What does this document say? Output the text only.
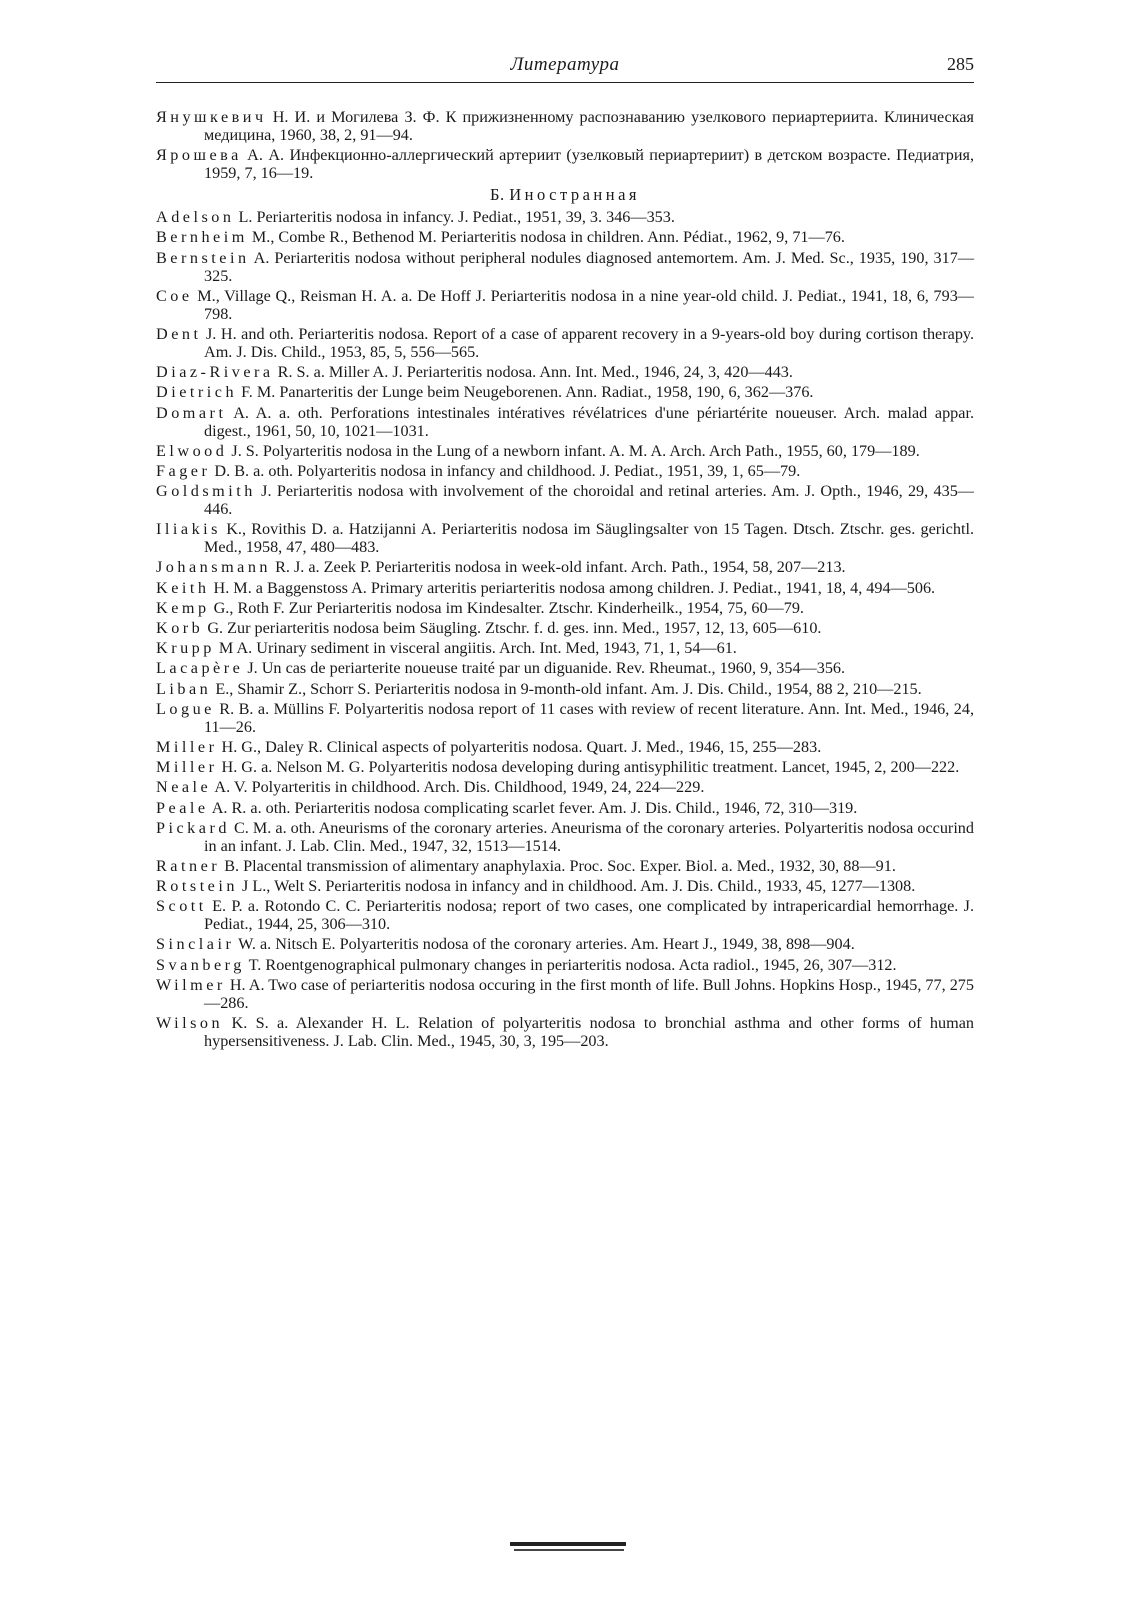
Литература	285
Янушкевич Н. И. и Могилева З. Ф. К прижизненному распознаванию узелкового периартериита. Клиническая медицина, 1960, 38, 2, 91—94.
Ярошева А. А. Инфекционно-аллергический артериит (узелковый периартериит) в детском возрасте. Педиатрия, 1959, 7, 16—19.
Б. Иностранная
Adelson L. Periarteritis nodosa in infancy. J. Pediat., 1951, 39, 3. 346—353.
Bernheim M., Combe R., Bethenod M. Periarteritis nodosa in children. Ann. Pédiat., 1962, 9, 71—76.
Bernstein A. Periarteritis nodosa without peripheral nodules diagnosed antemortem. Am. J. Med. Sc., 1935, 190, 317—325.
Coe M., Village Q., Reisman H. A. a. De Hoff J. Periarteritis nodosa in a nine year-old child. J. Pediat., 1941, 18, 6, 793—798.
Dent J. H. and oth. Periarteritis nodosa. Report of a case of apparent recovery in a 9-years-old boy during cortison therapy. Am. J. Dis. Child., 1953, 85, 5, 556—565.
Diaz-Rivera R. S. a. Miller A. J. Periarteritis nodosa. Ann. Int. Med., 1946, 24, 3, 420—443.
Dietrich F. M. Panarteritis der Lunge beim Neugeborenen. Ann. Radiat., 1958, 190, 6, 362—376.
Domart A. A. a. oth. Perforations intestinales intératives révélatrices d'une périartérite noueuser. Arch. malad appar. digest., 1961, 50, 10, 1021—1031.
Elwood J. S. Polyarteritis nodosa in the Lung of a newborn infant. A. M. A. Arch. Arch Path., 1955, 60, 179—189.
Fager D. B. a. oth. Polyarteritis nodosa in infancy and childhood. J. Pediat., 1951, 39, 1, 65—79.
Goldsmith J. Periarteritis nodosa with involvement of the choroidal and retinal arteries. Am. J. Opth., 1946, 29, 435—446.
Iliakis K., Rovithis D. a. Hatzijanni A. Periarteritis nodosa im Säuglingsalter von 15 Tagen. Dtsch. Ztschr. ges. gerichtl. Med., 1958, 47, 480—483.
Johansmann R. J. a. Zeek P. Periarteritis nodosa in week-old infant. Arch. Path., 1954, 58, 207—213.
Keith H. M. a Baggenstoss A. Primary arteritis periarteritis nodosa among children. J. Pediat., 1941, 18, 4, 494—506.
Kemp G., Roth F. Zur Periarteritis nodosa im Kindesalter. Ztschr. Kinderheilk., 1954, 75, 60—79.
Korb G. Zur periarteritis nodosa beim Säugling. Ztschr. f. d. ges. inn. Med., 1957, 12, 13, 605—610.
Krupp M A. Urinary sediment in visceral angiitis. Arch. Int. Med, 1943, 71, 1, 54—61.
Lacapère J. Un cas de periarterite noueuse traité par un diguanide. Rev. Rheumat., 1960, 9, 354—356.
Liban E., Shamir Z., Schorr S. Periarteritis nodosa in 9-month-old infant. Am. J. Dis. Child., 1954, 88 2, 210—215.
Logue R. B. a. Müllins F. Polyarteritis nodosa report of 11 cases with review of recent literature. Ann. Int. Med., 1946, 24, 11—26.
Miller H. G., Daley R. Clinical aspects of polyarteritis nodosa. Quart. J. Med., 1946, 15, 255—283.
Miller H. G. a. Nelson M. G. Polyarteritis nodosa developing during antisyphilitic treatment. Lancet, 1945, 2, 200—222.
Neale A. V. Polyarteritis in childhood. Arch. Dis. Childhood, 1949, 24, 224—229.
Peale A. R. a. oth. Periarteritis nodosa complicating scarlet fever. Am. J. Dis. Child., 1946, 72, 310—319.
Pickard C. M. a. oth. Aneurisms of the coronary arteries. Aneurisma of the coronary arteries. Polyarteritis nodosa occurind in an infant. J. Lab. Clin. Med., 1947, 32, 1513—1514.
Ratner B. Placental transmission of alimentary anaphylaxia. Proc. Soc. Exper. Biol. a. Med., 1932, 30, 88—91.
Rotstein J L., Welt S. Periarteritis nodosa in infancy and in childhood. Am. J. Dis. Child., 1933, 45, 1277—1308.
Scott E. P. a. Rotondo C. C. Periarteritis nodosa; report of two cases, one complicated by intrapericardial hemorrhage. J. Pediat., 1944, 25, 306—310.
Sinclair W. a. Nitsch E. Polyarteritis nodosa of the coronary arteries. Am. Heart J., 1949, 38, 898—904.
Svanberg T. Roentgenographical pulmonary changes in periarteritis nodosa. Acta radiol., 1945, 26, 307—312.
Wilmer H. A. Two case of periarteritis nodosa occuring in the first month of life. Bull Johns. Hopkins Hosp., 1945, 77, 275—286.
Wilson K. S. a. Alexander H. L. Relation of polyarteritis nodosa to bronchial asthma and other forms of human hypersensitiveness. J. Lab. Clin. Med., 1945, 30, 3, 195—203.
